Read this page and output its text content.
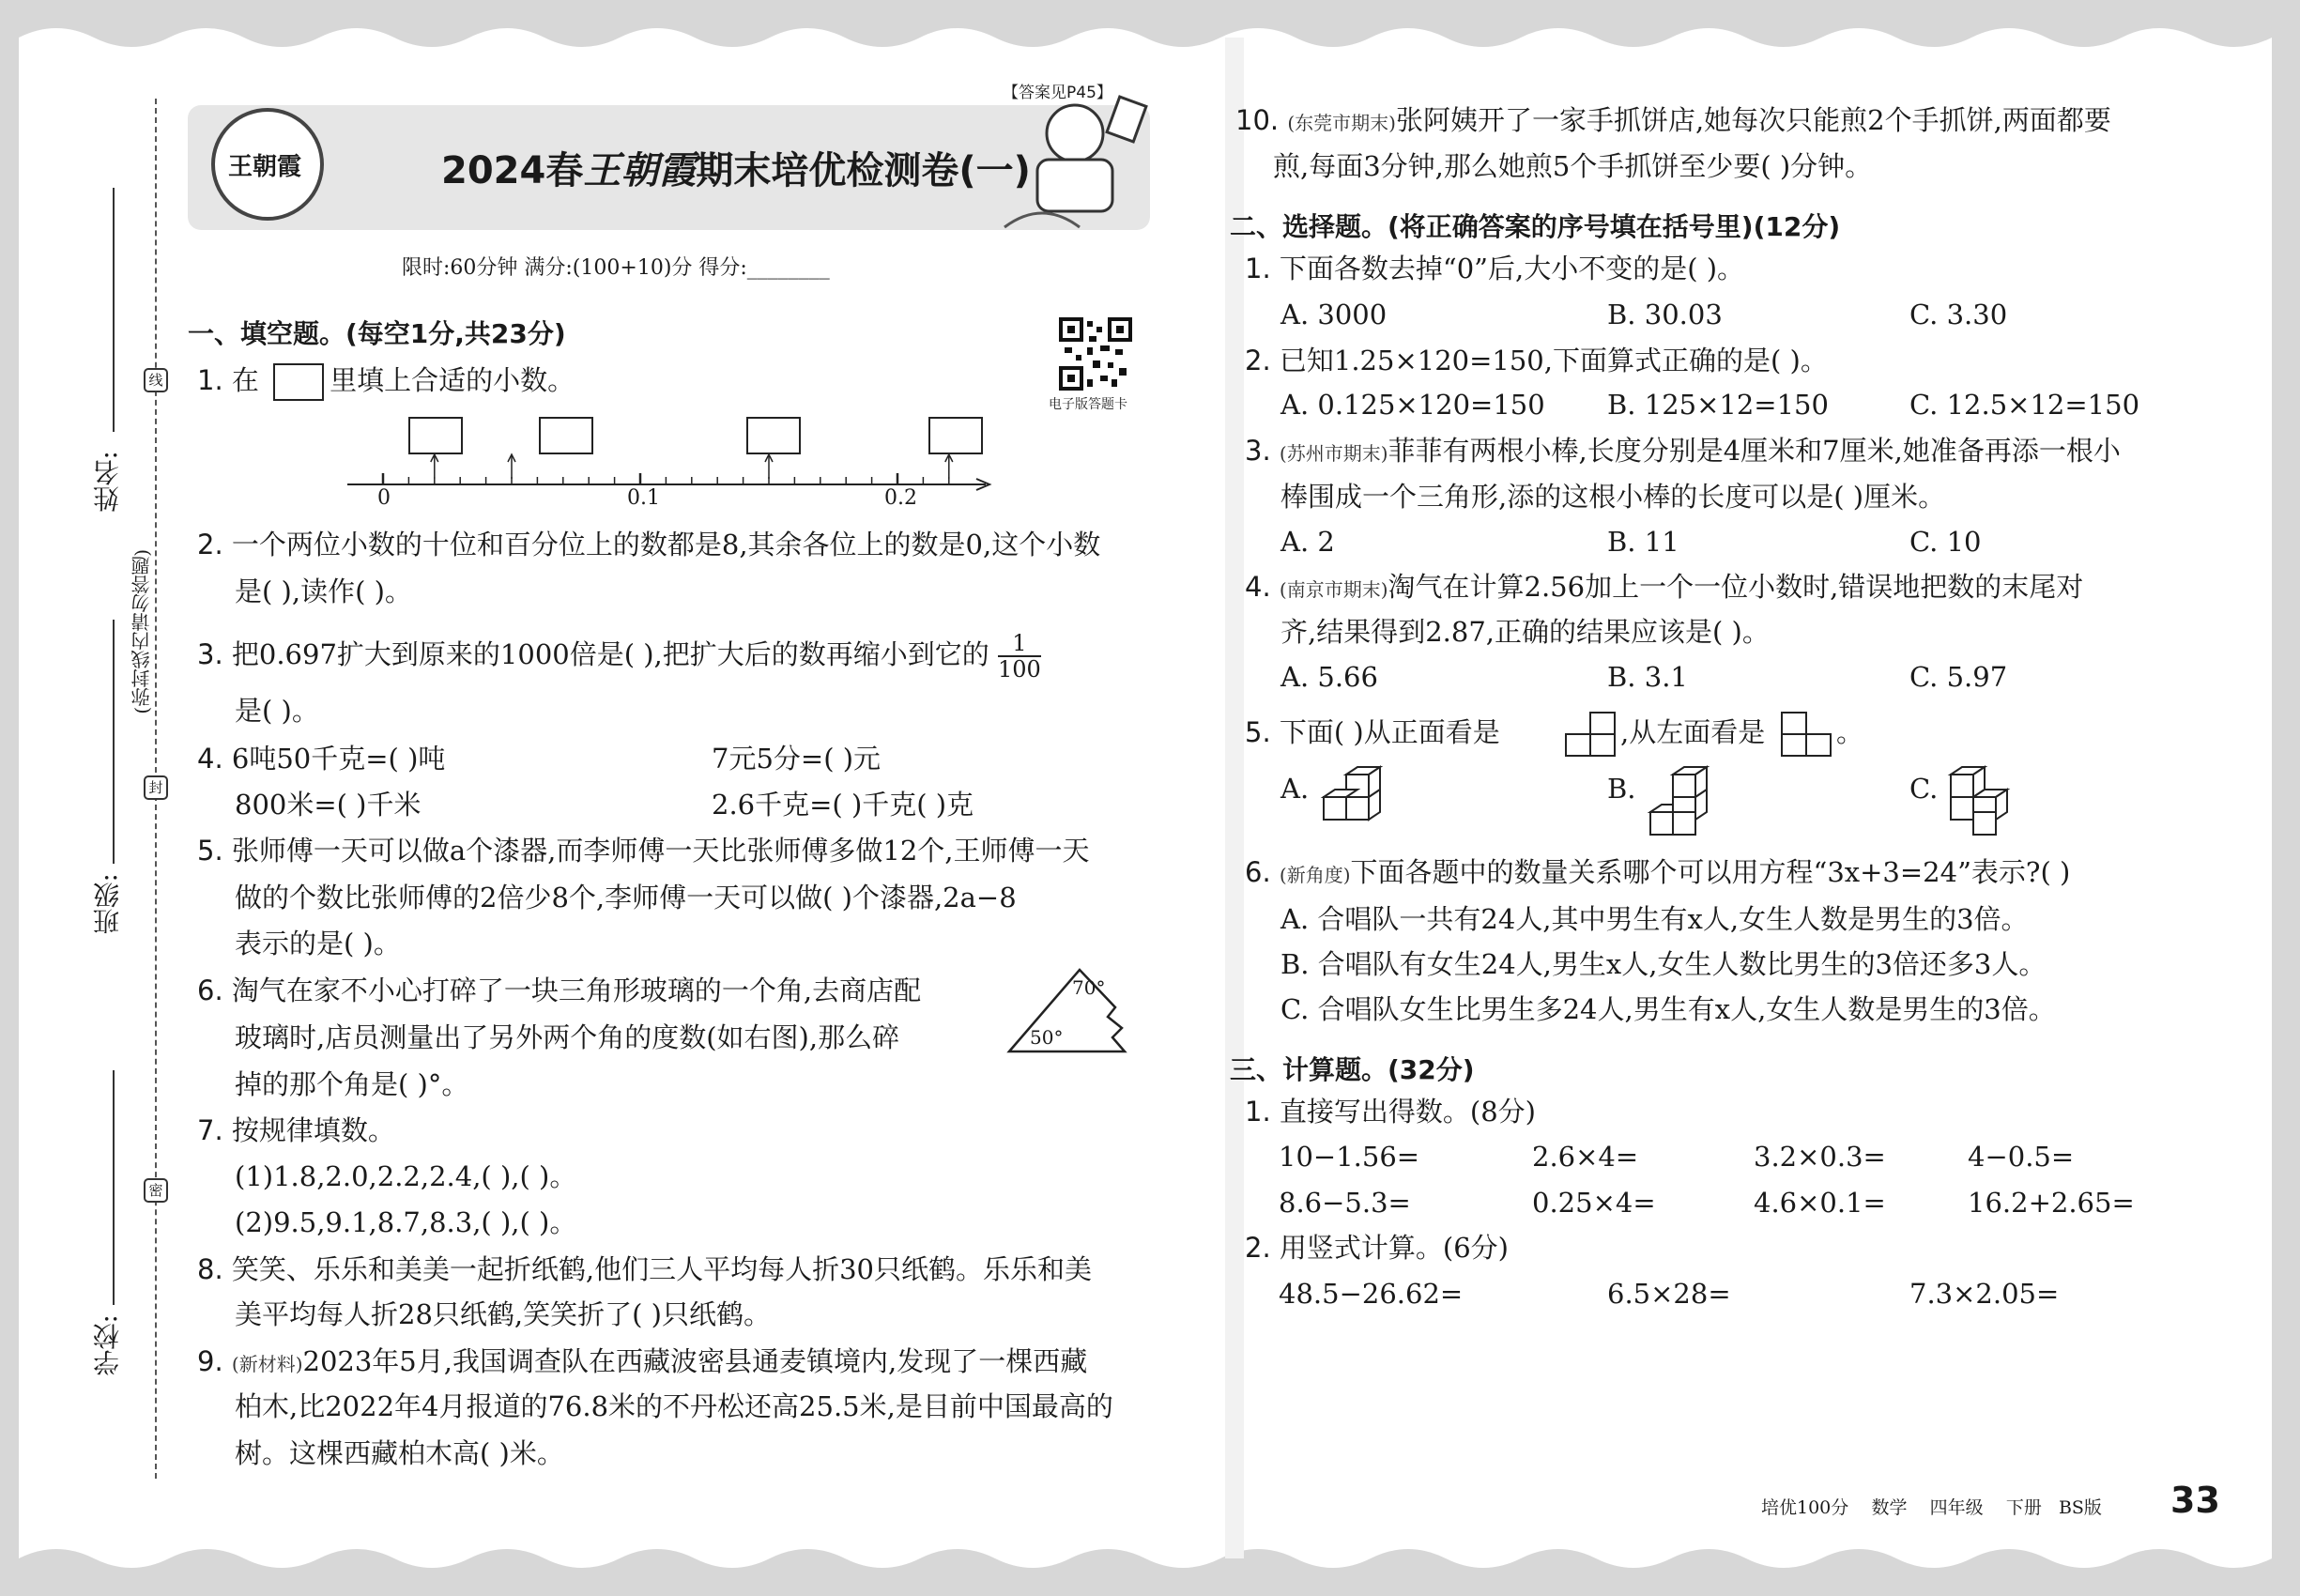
姓名:
班级:
学校:
线
(弥封线内请勿答题)
封
密
【答案见P45】
王朝霞	2024春王朝霞期末培优检测卷(一)
限时:60分钟 满分:(100+10)分 得分:________
电子版答题卡
一、填空题。(每空1分,共23分)
1. 在	里填上合适的小数。
0	0.1	0.2
2. 一个两位小数的十位和百分位上的数都是8,其余各位上的数是0,这个小数
是( ),读作( )。
3. 把0.697扩大到原来的1000倍是( ),把扩大后的数再缩小到它的 $\frac{1}{100}$
是( )。
4. 6吨50千克=( )吨	7元5分=( )元
800米=( )千米	2.6千克=( )千克( )克
5. 张师傅一天可以做a个漆器,而李师傅一天比张师傅多做12个,王师傅一天
做的个数比张师傅的2倍少8个,李师傅一天可以做( )个漆器,2a−8
表示的是( )。
6. 淘气在家不小心打碎了一块三角形玻璃的一个角,去商店配
玻璃时,店员测量出了另外两个角的度数(如右图),那么碎
掉的那个角是( )°。
70°
50°
7. 按规律填数。
(1)1.8,2.0,2.2,2.4,( ),( )。
(2)9.5,9.1,8.7,8.3,( ),( )。
8. 笑笑、乐乐和美美一起折纸鹤,他们三人平均每人折30只纸鹤。乐乐和美
美平均每人折28只纸鹤,笑笑折了( )只纸鹤。
9. (新材料)2023年5月,我国调查队在西藏波密县通麦镇境内,发现了一棵西藏
柏木,比2022年4月报道的76.8米的不丹松还高25.5米,是目前中国最高的
树。这棵西藏柏木高( )米。
10. (东莞市期末)张阿姨开了一家手抓饼店,她每次只能煎2个手抓饼,两面都要
煎,每面3分钟,那么她煎5个手抓饼至少要( )分钟。
二、选择题。(将正确答案的序号填在括号里)(12分)
1. 下面各数去掉“0”后,大小不变的是( )。
A. 3000	B. 30.03	C. 3.30
2. 已知1.25×120=150,下面算式正确的是( )。
A. 0.125×120=150 B. 125×12=150	C. 12.5×12=150
3. (苏州市期末)菲菲有两根小棒,长度分别是4厘米和7厘米,她准备再添一根小
棒围成一个三角形,添的这根小棒的长度可以是( )厘米。
A. 2	B. 11	C. 10
4. (南京市期末)淘气在计算2.56加上一个一位小数时,错误地把数的末尾对
齐,结果得到2.87,正确的结果应该是( )。
A. 5.66	B. 3.1	C. 5.97
5. 下面( )从正面看是	,从左面看是	。
A.	B.	C.
6. (新角度)下面各题中的数量关系哪个可以用方程“3x+3=24”表示?( )
A. 合唱队一共有24人,其中男生有x人,女生人数是男生的3倍。
B. 合唱队有女生24人,男生x人,女生人数比男生的3倍还多3人。
C. 合唱队女生比男生多24人,男生有x人,女生人数是男生的3倍。
三、计算题。(32分)
1. 直接写出得数。(8分)
10−1.56=	2.6×4=	3.2×0.3=	4−0.5=
8.6−5.3=	0.25×4=	4.6×0.1=	16.2+2.65=
2. 用竖式计算。(6分)
48.5−26.62=	6.5×28=	7.3×2.05=
培优100分 数学 四年级 下册 BS版 33
